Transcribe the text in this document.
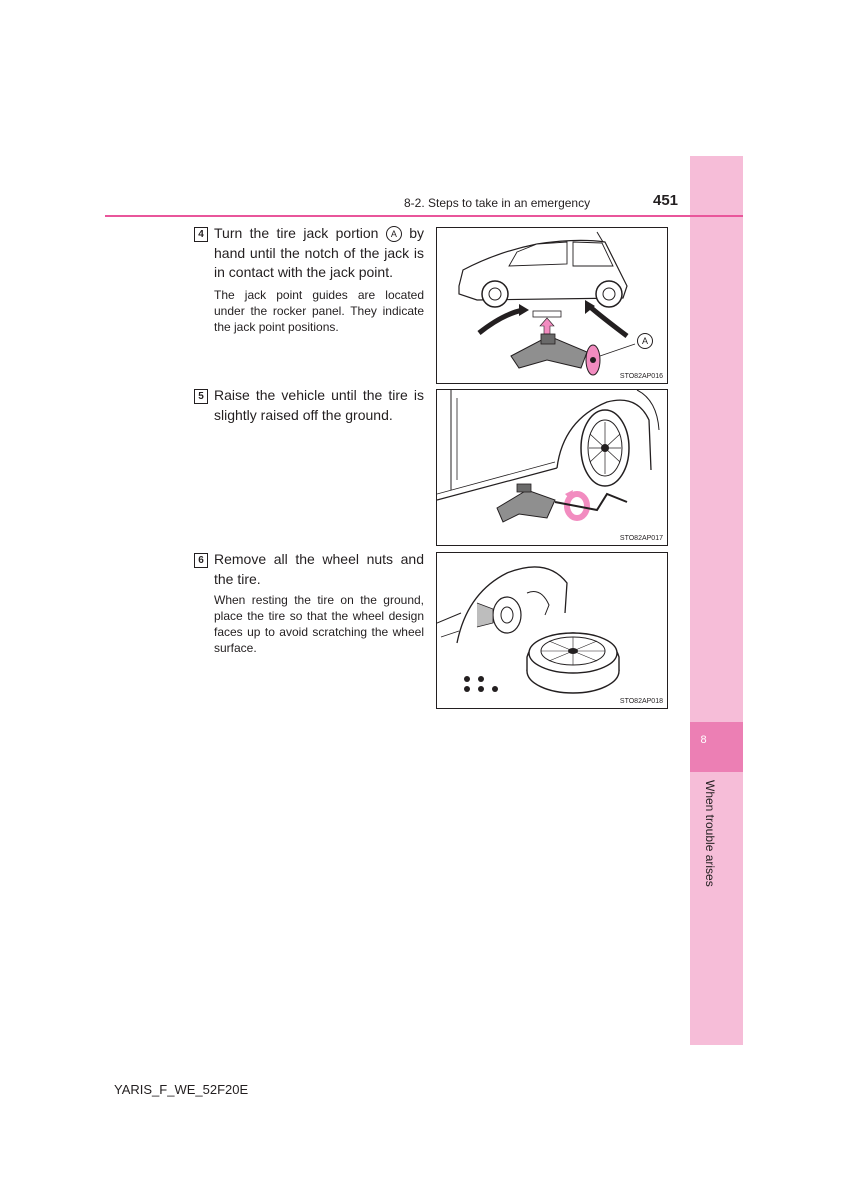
8
When trouble arises
8-2. Steps to take in an emergency	451
4 Turn the tire jack portion A by hand until the notch of the jack is in contact with the jack point.
The jack point guides are located under the rocker panel. They indicate the jack point positions.
A
STO82AP016
5 Raise the vehicle until the tire is slightly raised off the ground.
STO82AP017
6 Remove all the wheel nuts and the tire.
When resting the tire on the ground, place the tire so that the wheel design faces up to avoid scratching the wheel surface.
STO82AP018
YARIS_F_WE_52F20E
